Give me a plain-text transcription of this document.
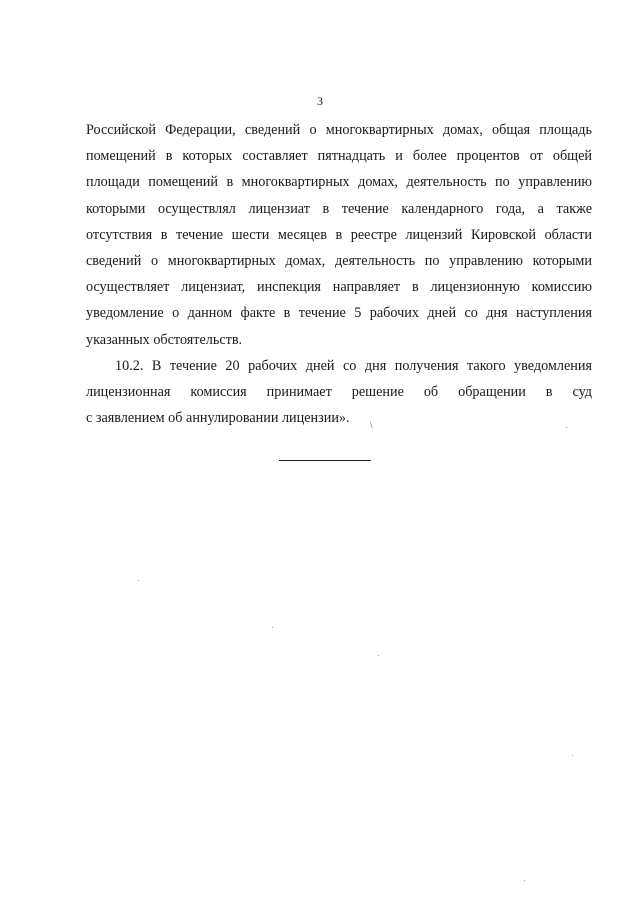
3
Российской Федерации, сведений о многоквартирных домах, общая площадь
помещений в которых составляет пятнадцать и более процентов от общей
площади помещений в многоквартирных домах, деятельность по управлению
которыми осуществлял лицензиат в течение календарного года, а также
отсутствия в течение шести месяцев в реестре лицензий Кировской области
сведений о многоквартирных домах, деятельность по управлению которыми
осуществляет лицензиат, инспекция направляет в лицензионную комиссию
уведомление о данном факте в течение 5 рабочих дней со дня наступления
указанных обстоятельств.
10.2. В течение 20 рабочих дней со дня получения такого уведомления
лицензионная комиссия принимает решение об обращении в суд
с заявлением об аннулировании лицензии».	\
